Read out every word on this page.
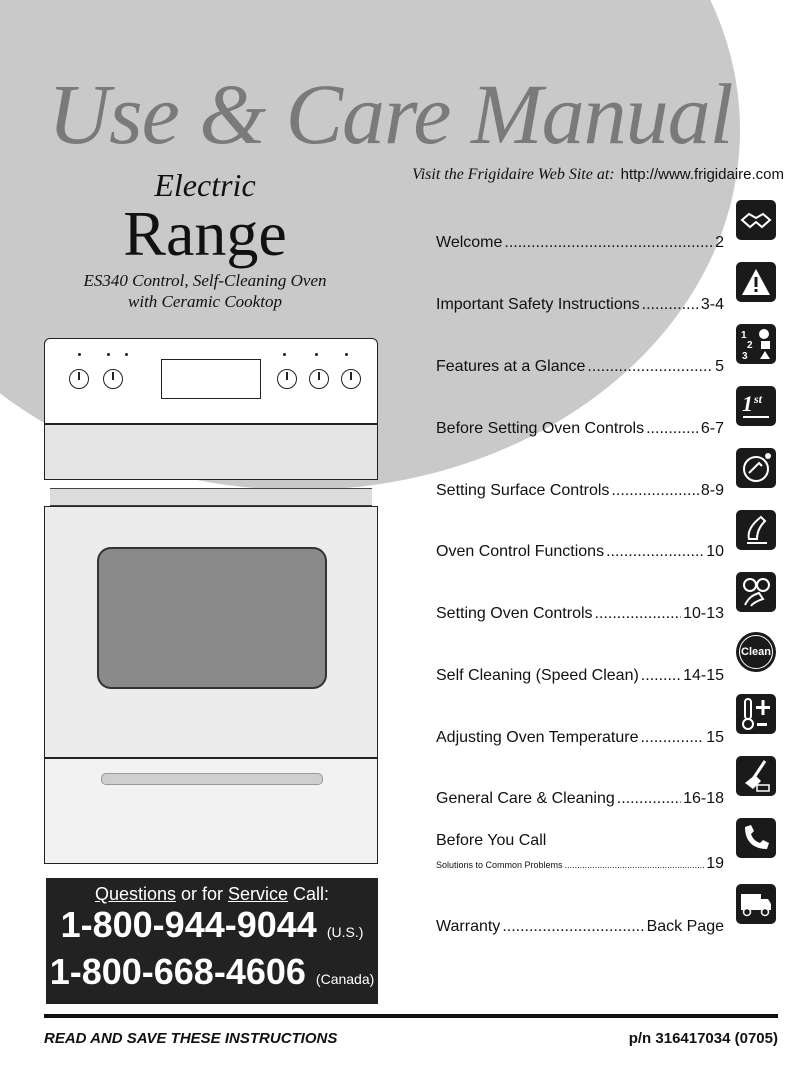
Use & Care Manual
Visit the Frigidaire Web Site at: http://www.frigidaire.com
Electric
Range
ES340 Control, Self-Cleaning Oven
with Ceramic Cooktop
Questions or for Service Call:
1-800-944-9044 (U.S.)
1-800-668-4606 (Canada)
Welcome .....	2
Important Safety Instructions .....	3-4
Features at a Glance .....	5
Before Setting Oven Controls .....	6-7
Setting Surface Controls .....	8-9
Oven Control Functions .....	10
Setting Oven Controls .....	10-13
Self Cleaning (Speed Clean) .....	14-15
Adjusting Oven Temperature .....	15
General Care & Cleaning .....	16-18
Before You Call
Solutions to Common Problems .....	19
Warranty .....	Back Page
1
2
3
1 st
Clean
READ AND SAVE THESE INSTRUCTIONS	p/n 316417034 (0705)
